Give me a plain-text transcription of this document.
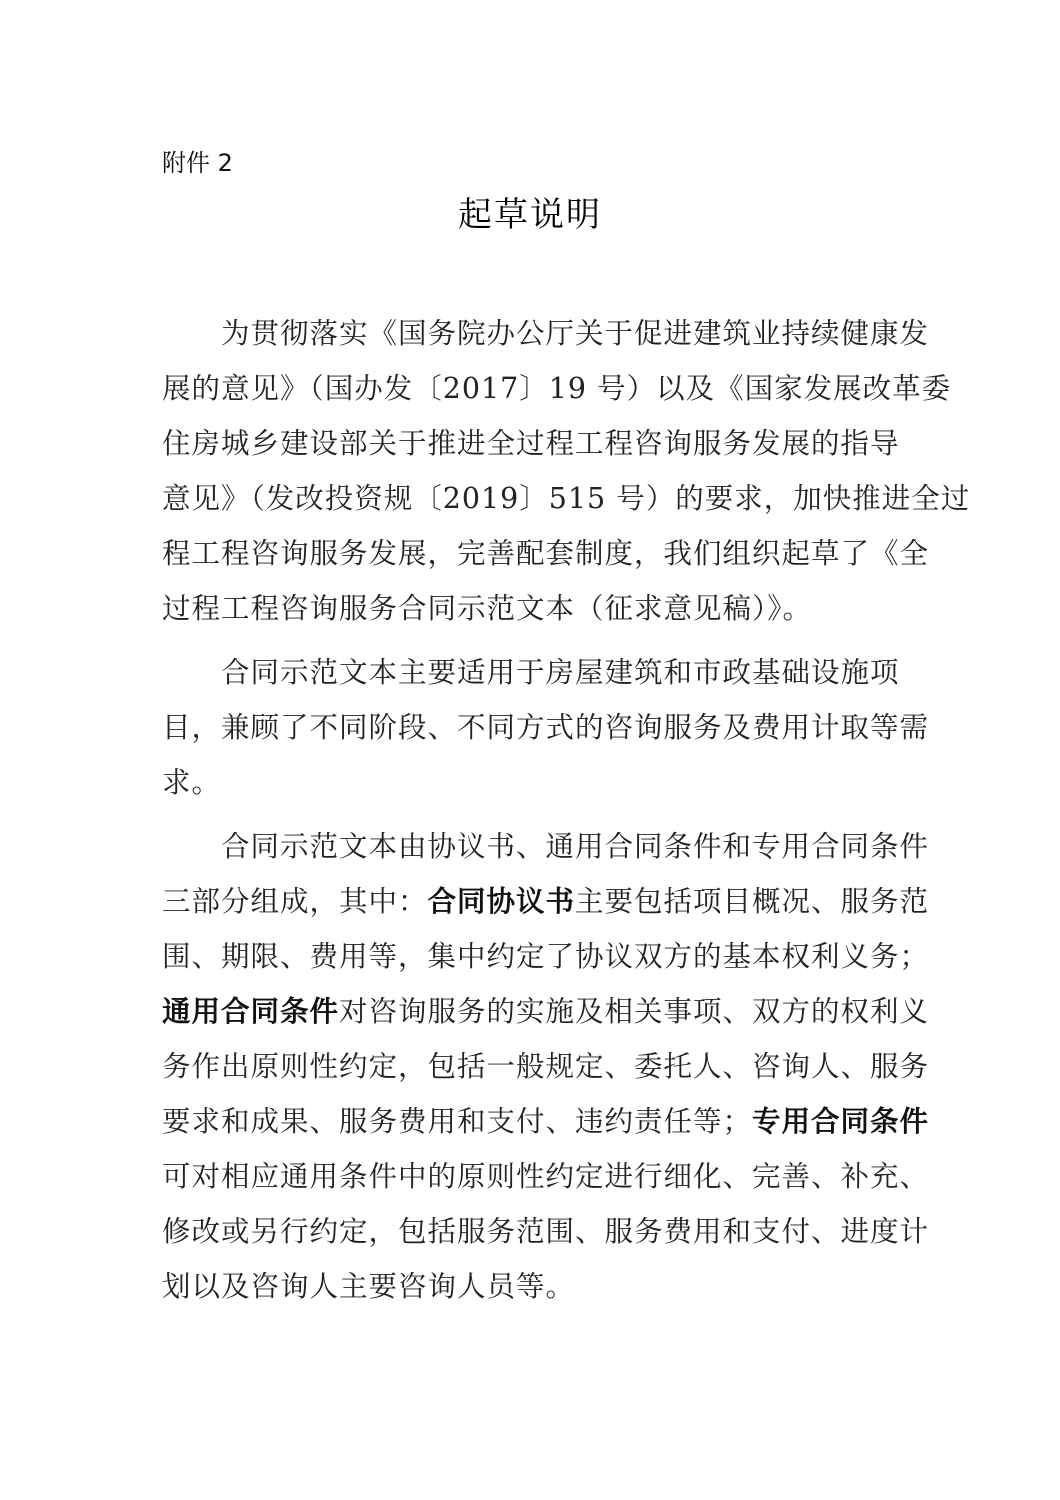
附件 2
起草说明
　　为贯彻落实《国务院办公厅关于促进建筑业持续健康发
展的意见》（国办发〔2017〕19 号）以及《国家发展改革委
住房城乡建设部关于推进全过程工程咨询服务发展的指导
意见》（发改投资规〔2019〕515 号）的要求，加快推进全过
程工程咨询服务发展，完善配套制度，我们组织起草了《全
过程工程咨询服务合同示范文本（征求意见稿）》。
　　合同示范文本主要适用于房屋建筑和市政基础设施项
目，兼顾了不同阶段、不同方式的咨询服务及费用计取等需
求。
　　合同示范文本由协议书、通用合同条件和专用合同条件
三部分组成，其中：合同协议书主要包括项目概况、服务范
围、期限、费用等，集中约定了协议双方的基本权利义务；
通用合同条件对咨询服务的实施及相关事项、双方的权利义
务作出原则性约定，包括一般规定、委托人、咨询人、服务
要求和成果、服务费用和支付、违约责任等；专用合同条件
可对相应通用条件中的原则性约定进行细化、完善、补充、
修改或另行约定，包括服务范围、服务费用和支付、进度计
划以及咨询人主要咨询人员等。
